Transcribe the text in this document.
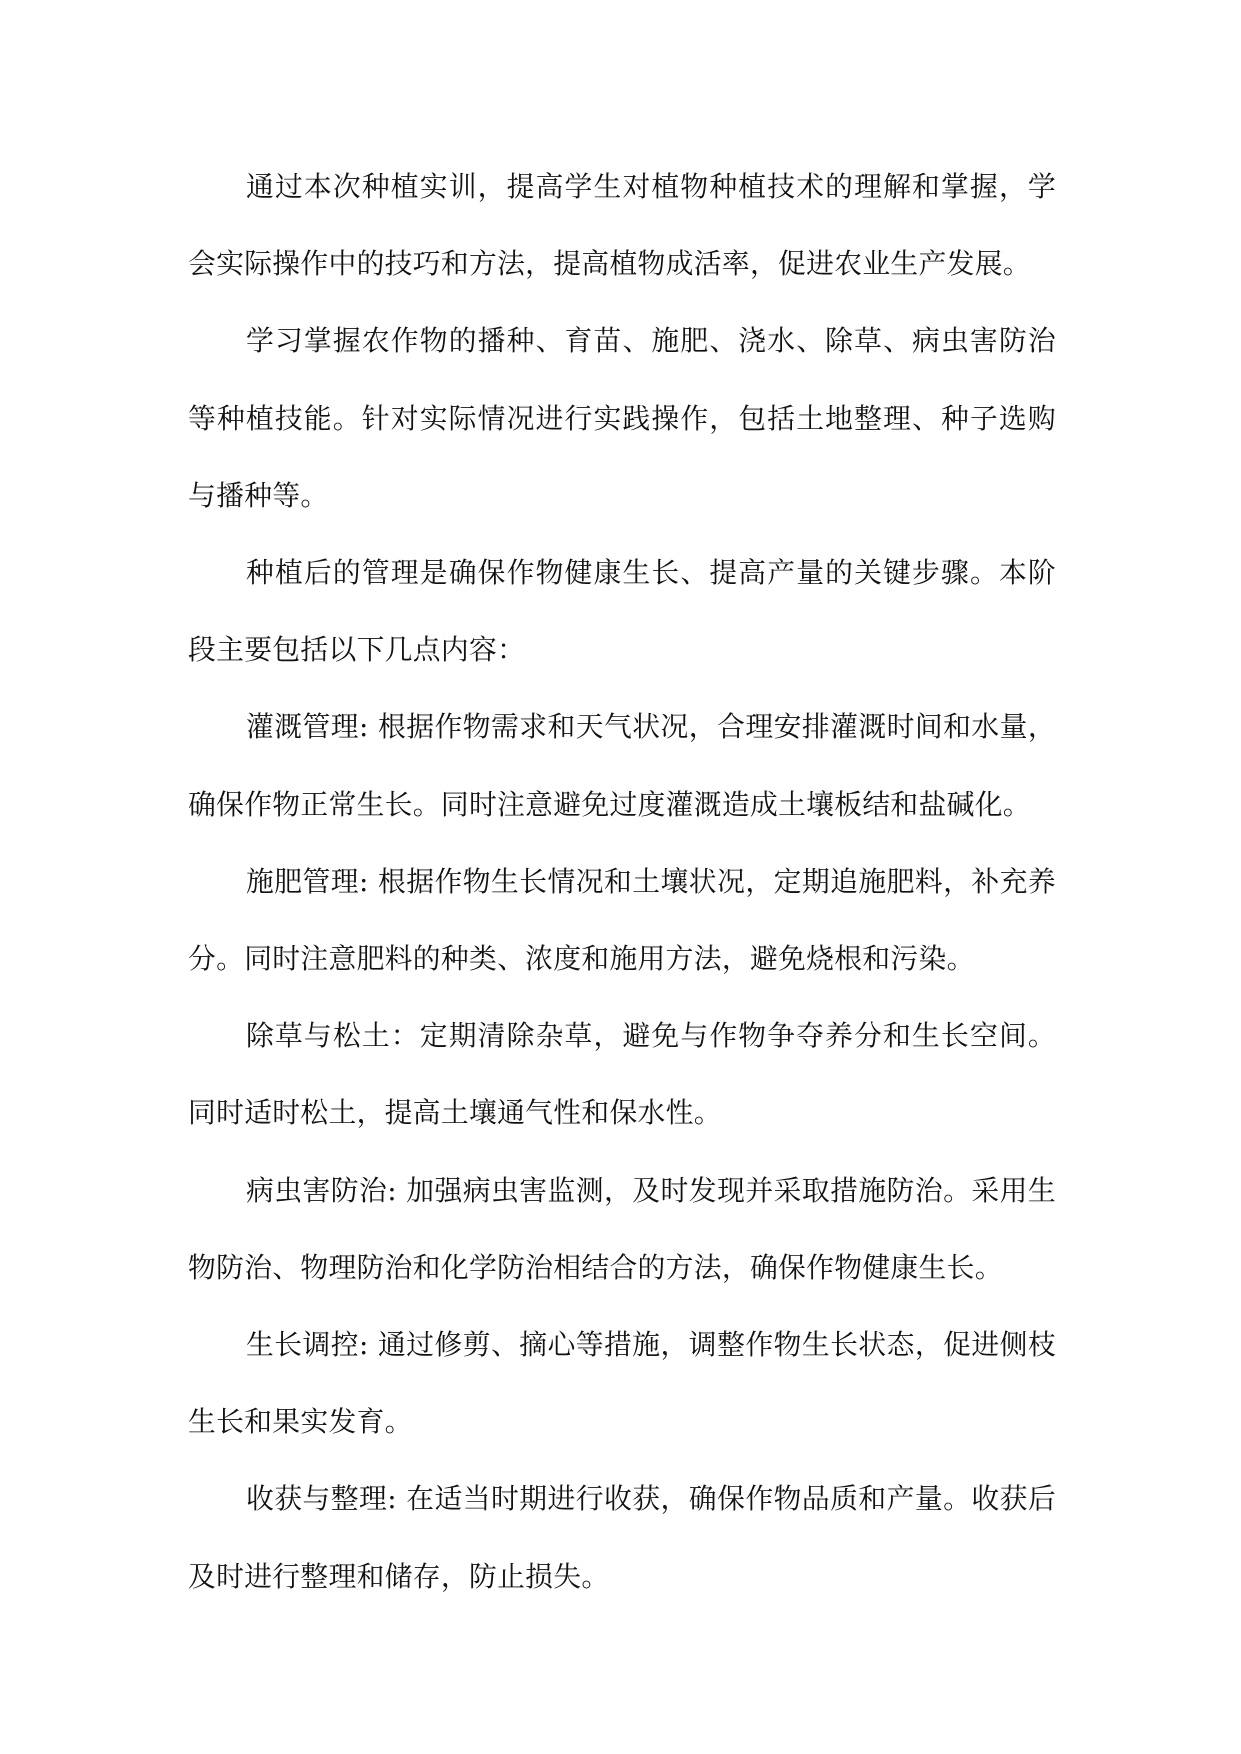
通过本次种植实训，提高学生对植物种植技术的理解和掌握，学会实际操作中的技巧和方法，提高植物成活率，促进农业生产发展。

学习掌握农作物的播种、育苗、施肥、浇水、除草、病虫害防治等种植技能。针对实际情况进行实践操作，包括土地整理、种子选购与播种等。

种植后的管理是确保作物健康生长、提高产量的关键步骤。本阶段主要包括以下几点内容：

灌溉管理: 根据作物需求和天气状况，合理安排灌溉时间和水量，确保作物正常生长。同时注意避免过度灌溉造成土壤板结和盐碱化。

施肥管理: 根据作物生长情况和土壤状况，定期追施肥料，补充养分。同时注意肥料的种类、浓度和施用方法，避免烧根和污染。

除草与松土：定期清除杂草，避免与作物争夺养分和生长空间。同时适时松土，提高土壤通气性和保水性。

病虫害防治: 加强病虫害监测，及时发现并采取措施防治。采用生物防治、物理防治和化学防治相结合的方法，确保作物健康生长。

生长调控: 通过修剪、摘心等措施，调整作物生长状态，促进侧枝生长和果实发育。

收获与整理: 在适当时期进行收获，确保作物品质和产量。收获后及时进行整理和储存，防止损失。
